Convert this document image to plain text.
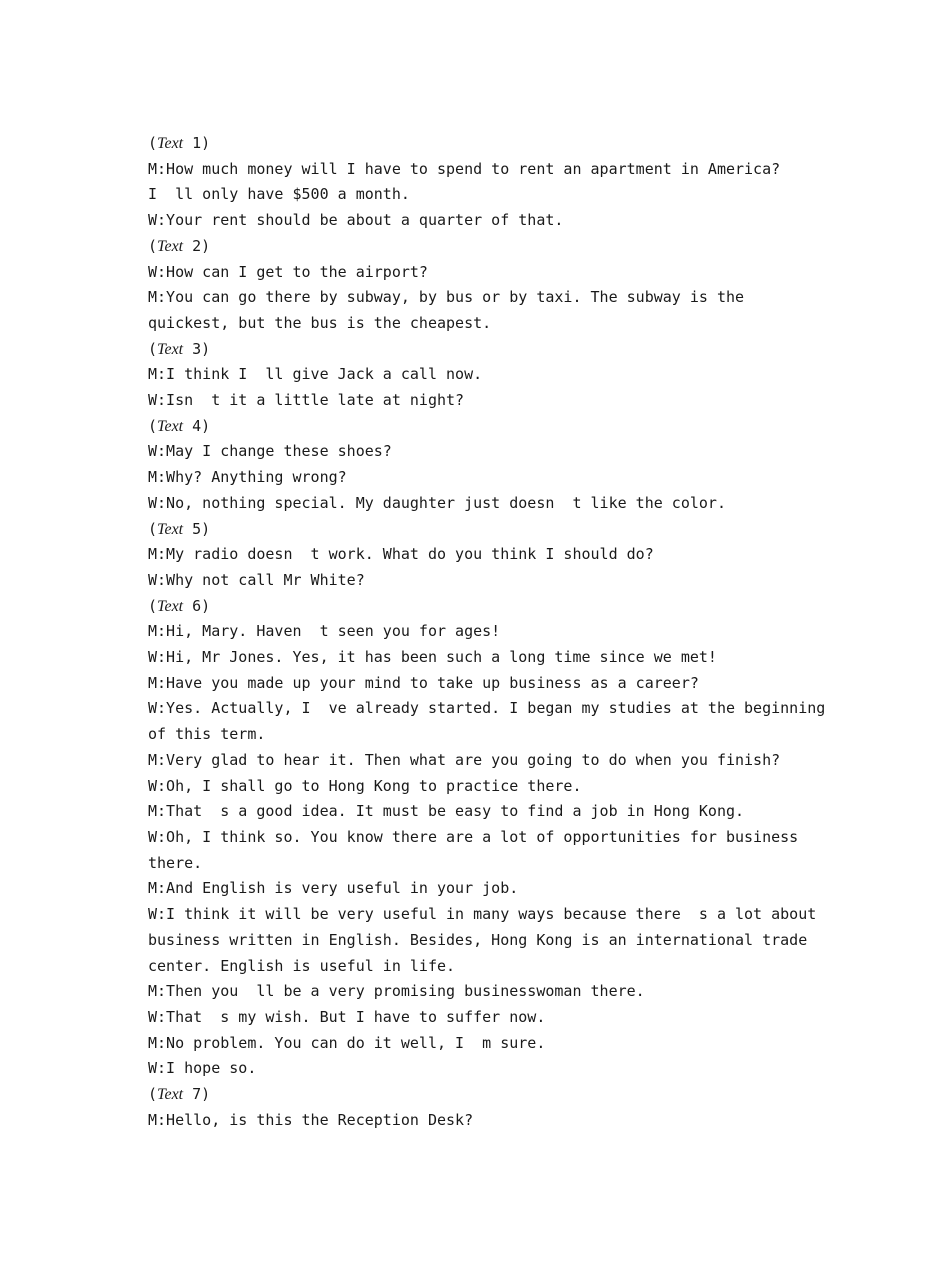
(Text 1)
M:How much money will I have to spend to rent an apartment in America?
I  ll only have $500 a month.
W:Your rent should be about a quarter of that.
(Text 2)
W:How can I get to the airport?
M:You can go there by subway, by bus or by taxi. The subway is the
quickest, but the bus is the cheapest.
(Text 3)
M:I think I  ll give Jack a call now.
W:Isn  t it a little late at night?
(Text 4)
W:May I change these shoes?
M:Why? Anything wrong?
W:No, nothing special. My daughter just doesn  t like the color.
(Text 5)
M:My radio doesn  t work. What do you think I should do?
W:Why not call Mr White?
(Text 6)
M:Hi, Mary. Haven  t seen you for ages!
W:Hi, Mr Jones. Yes, it has been such a long time since we met!
M:Have you made up your mind to take up business as a career?
W:Yes. Actually, I  ve already started. I began my studies at the beginning
of this term.
M:Very glad to hear it. Then what are you going to do when you finish?
W:Oh, I shall go to Hong Kong to practice there.
M:That  s a good idea. It must be easy to find a job in Hong Kong.
W:Oh, I think so. You know there are a lot of opportunities for business
there.
M:And English is very useful in your job.
W:I think it will be very useful in many ways because there  s a lot about
business written in English. Besides, Hong Kong is an international trade
center. English is useful in life.
M:Then you  ll be a very promising businesswoman there.
W:That  s my wish. But I have to suffer now.
M:No problem. You can do it well, I  m sure.
W:I hope so.
(Text 7)
M:Hello, is this the Reception Desk?
